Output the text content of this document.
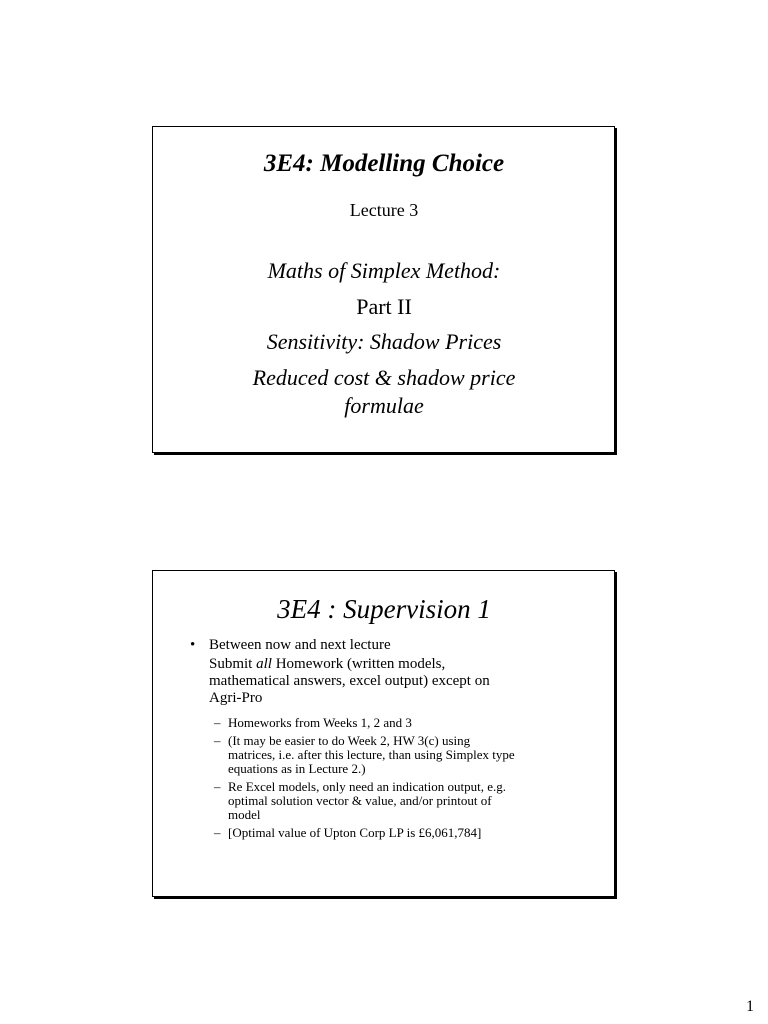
3E4: Modelling Choice
Lecture 3
Maths of Simplex Method:
Part II
Sensitivity: Shadow Prices
Reduced cost & shadow price
formulae
3E4 : Supervision 1
• Between now and next lecture
Submit all Homework (written models,
mathematical answers, excel output) except on
Agri-Pro
– Homeworks from Weeks 1, 2 and 3
– (It may be easier to do Week 2, HW 3(c) using
matrices, i.e. after this lecture, than using Simplex type
equations as in Lecture 2.)
– Re Excel models, only need an indication output, e.g.
optimal solution vector & value, and/or printout of
model
– [Optimal value of Upton Corp LP is £6,061,784]
1
